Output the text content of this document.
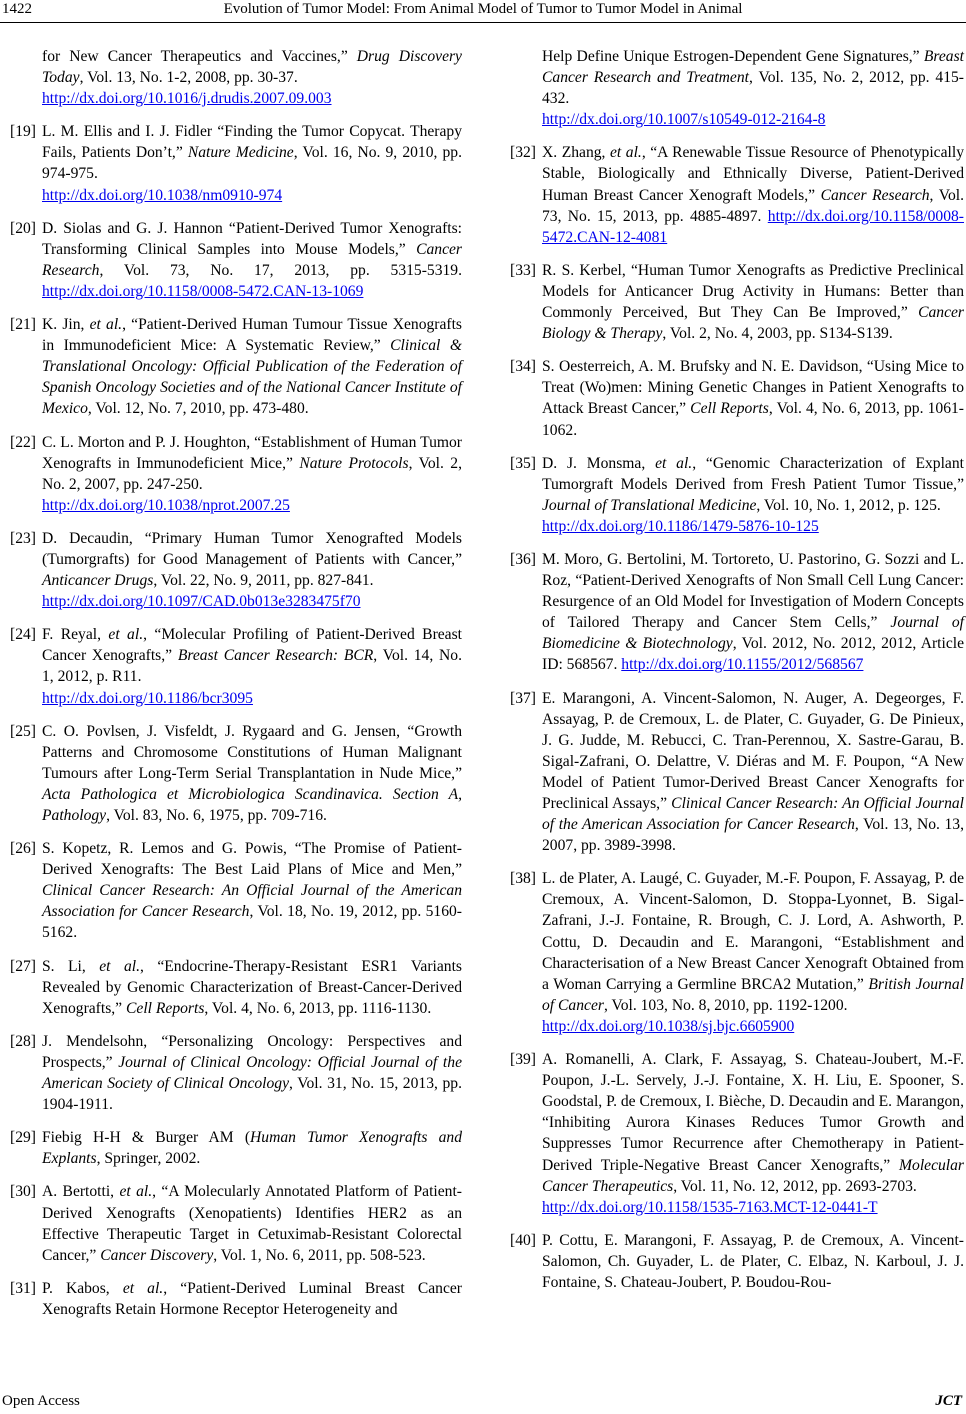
1422	Evolution of Tumor Model: From Animal Model of Tumor to Tumor Model in Animal
for New Cancer Therapeutics and Vaccines,” Drug Discovery Today, Vol. 13, No. 1-2, 2008, pp. 30-37.
http://dx.doi.org/10.1016/j.drudis.2007.09.003
[19] L. M. Ellis and I. J. Fidler “Finding the Tumor Copycat. Therapy Fails, Patients Don’t,” Nature Medicine, Vol. 16, No. 9, 2010, pp. 974-975.
http://dx.doi.org/10.1038/nm0910-974
[20] D. Siolas and G. J. Hannon “Patient-Derived Tumor Xenografts: Transforming Clinical Samples into Mouse Models,” Cancer Research, Vol. 73, No. 17, 2013, pp. 5315-5319. http://dx.doi.org/10.1158/0008-5472.CAN-13-1069
[21] K. Jin, et al., “Patient-Derived Human Tumour Tissue Xenografts in Immunodeficient Mice: A Systematic Review,” Clinical & Translational Oncology: Official Publication of the Federation of Spanish Oncology Societies and of the National Cancer Institute of Mexico, Vol. 12, No. 7, 2010, pp. 473-480.
[22] C. L. Morton and P. J. Houghton, “Establishment of Human Tumor Xenografts in Immunodeficient Mice,” Nature Protocols, Vol. 2, No. 2, 2007, pp. 247-250.
http://dx.doi.org/10.1038/nprot.2007.25
[23] D. Decaudin, “Primary Human Tumor Xenografted Models (Tumorgrafts) for Good Management of Patients with Cancer,” Anticancer Drugs, Vol. 22, No. 9, 2011, pp. 827-841.
http://dx.doi.org/10.1097/CAD.0b013e3283475f70
[24] F. Reyal, et al., “Molecular Profiling of Patient-Derived Breast Cancer Xenografts,” Breast Cancer Research: BCR, Vol. 14, No. 1, 2012, p. R11.
http://dx.doi.org/10.1186/bcr3095
[25] C. O. Povlsen, J. Visfeldt, J. Rygaard and G. Jensen, “Growth Patterns and Chromosome Constitutions of Human Malignant Tumours after Long-Term Serial Transplantation in Nude Mice,” Acta Pathologica et Microbiologica Scandinavica. Section A, Pathology, Vol. 83, No. 6, 1975, pp. 709-716.
[26] S. Kopetz, R. Lemos and G. Powis, “The Promise of Patient-Derived Xenografts: The Best Laid Plans of Mice and Men,” Clinical Cancer Research: An Official Journal of the American Association for Cancer Research, Vol. 18, No. 19, 2012, pp. 5160-5162.
[27] S. Li, et al., “Endocrine-Therapy-Resistant ESR1 Variants Revealed by Genomic Characterization of Breast-Cancer-Derived Xenografts,” Cell Reports, Vol. 4, No. 6, 2013, pp. 1116-1130.
[28] J. Mendelsohn, “Personalizing Oncology: Perspectives and Prospects,” Journal of Clinical Oncology: Official Journal of the American Society of Clinical Oncology, Vol. 31, No. 15, 2013, pp. 1904-1911.
[29] Fiebig H-H & Burger AM (Human Tumor Xenografts and Explants, Springer, 2002.
[30] A. Bertotti, et al., “A Molecularly Annotated Platform of Patient-Derived Xenografts (Xenopatients) Identifies HER2 as an Effective Therapeutic Target in Cetuximab-Resistant Colorectal Cancer,” Cancer Discovery, Vol. 1, No. 6, 2011, pp. 508-523.
[31] P. Kabos, et al., “Patient-Derived Luminal Breast Cancer Xenografts Retain Hormone Receptor Heterogeneity and
Help Define Unique Estrogen-Dependent Gene Signatures,” Breast Cancer Research and Treatment, Vol. 135, No. 2, 2012, pp. 415-432.
http://dx.doi.org/10.1007/s10549-012-2164-8
[32] X. Zhang, et al., “A Renewable Tissue Resource of Phenotypically Stable, Biologically and Ethnically Diverse, Patient-Derived Human Breast Cancer Xenograft Models,” Cancer Research, Vol. 73, No. 15, 2013, pp. 4885-4897. http://dx.doi.org/10.1158/0008-5472.CAN-12-4081
[33] R. S. Kerbel, “Human Tumor Xenografts as Predictive Preclinical Models for Anticancer Drug Activity in Humans: Better than Commonly Perceived, But They Can Be Improved,” Cancer Biology & Therapy, Vol. 2, No. 4, 2003, pp. S134-S139.
[34] S. Oesterreich, A. M. Brufsky and N. E. Davidson, “Using Mice to Treat (Wo)men: Mining Genetic Changes in Patient Xenografts to Attack Breast Cancer,” Cell Reports, Vol. 4, No. 6, 2013, pp. 1061-1062.
[35] D. J. Monsma, et al., “Genomic Characterization of Explant Tumorgraft Models Derived from Fresh Patient Tumor Tissue,” Journal of Translational Medicine, Vol. 10, No. 1, 2012, p. 125.
http://dx.doi.org/10.1186/1479-5876-10-125
[36] M. Moro, G. Bertolini, M. Tortoreto, U. Pastorino, G. Sozzi and L. Roz, “Patient-Derived Xenografts of Non Small Cell Lung Cancer: Resurgence of an Old Model for Investigation of Modern Concepts of Tailored Therapy and Cancer Stem Cells,” Journal of Biomedicine & Biotechnology, Vol. 2012, No. 2012, 2012, Article ID: 568567. http://dx.doi.org/10.1155/2012/568567
[37] E. Marangoni, A. Vincent-Salomon, N. Auger, A. Degeorges, F. Assayag, P. de Cremoux, L. de Plater, C. Guyader, G. De Pinieux, J. G. Judde, M. Rebucci, C. Tran-Perennou, X. Sastre-Garau, B. Sigal-Zafrani, O. Delattre, V. Diéras and M. F. Poupon, “A New Model of Patient Tumor-Derived Breast Cancer Xenografts for Preclinical Assays,” Clinical Cancer Research: An Official Journal of the American Association for Cancer Research, Vol. 13, No. 13, 2007, pp. 3989-3998.
[38] L. de Plater, A. Laugé, C. Guyader, M.-F. Poupon, F. Assayag, P. de Cremoux, A. Vincent-Salomon, D. Stoppa-Lyonnet, B. Sigal-Zafrani, J.-J. Fontaine, R. Brough, C. J. Lord, A. Ashworth, P. Cottu, D. Decaudin and E. Marangoni, “Establishment and Characterisation of a New Breast Cancer Xenograft Obtained from a Woman Carrying a Germline BRCA2 Mutation,” British Journal of Cancer, Vol. 103, No. 8, 2010, pp. 1192-1200.
http://dx.doi.org/10.1038/sj.bjc.6605900
[39] A. Romanelli, A. Clark, F. Assayag, S. Chateau-Joubert, M.-F. Poupon, J.-L. Servely, J.-J. Fontaine, X. H. Liu, E. Spooner, S. Goodstal, P. de Cremoux, I. Bièche, D. Decaudin and E. Marangon, “Inhibiting Aurora Kinases Reduces Tumor Growth and Suppresses Tumor Recurrence after Chemotherapy in Patient-Derived Triple-Negative Breast Cancer Xenografts,” Molecular Cancer Therapeutics, Vol. 11, No. 12, 2012, pp. 2693-2703.
http://dx.doi.org/10.1158/1535-7163.MCT-12-0441-T
[40] P. Cottu, E. Marangoni, F. Assayag, P. de Cremoux, A. Vincent-Salomon, Ch. Guyader, L. de Plater, C. Elbaz, N. Karboul, J. J. Fontaine, S. Chateau-Joubert, P. Boudou-Rou-
Open Access	JCT
